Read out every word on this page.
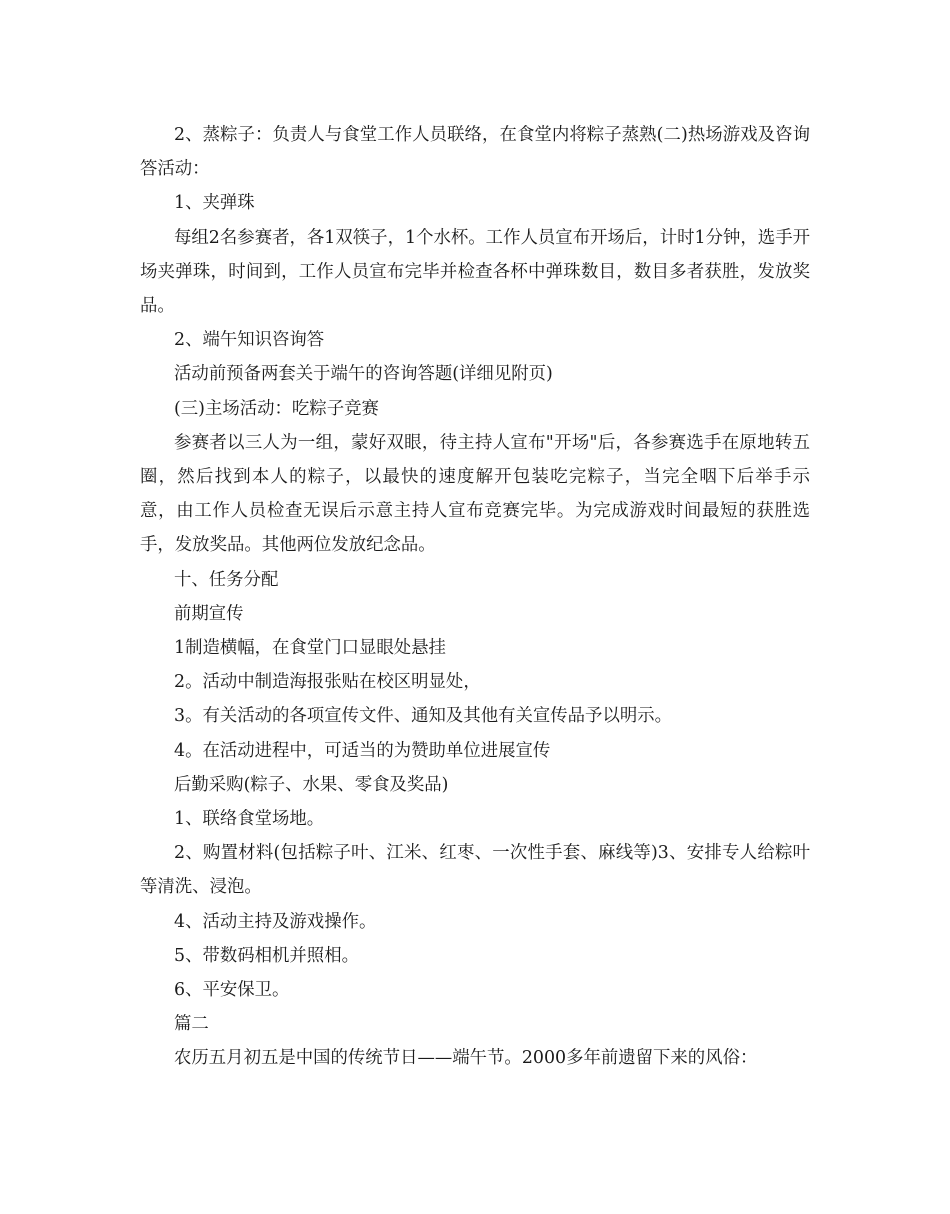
2、蒸粽子：负责人与食堂工作人员联络，在食堂内将粽子蒸熟(二)热场游戏及咨询答活动：

1、夹弹珠

每组2名参赛者，各1双筷子，1个水杯。工作人员宣布开场后，计时1分钟，选手开场夹弹珠，时间到，工作人员宣布完毕并检查各杯中弹珠数目，数目多者获胜，发放奖品。

2、端午知识咨询答

活动前预备两套关于端午的咨询答题(详细见附页)

(三)主场活动：吃粽子竞赛

参赛者以三人为一组，蒙好双眼，待主持人宣布"开场"后，各参赛选手在原地转五圈，然后找到本人的粽子，以最快的速度解开包装吃完粽子，当完全咽下后举手示  意，由工作人员检查无误后示意主持人宣布竞赛完毕。为完成游戏时间最短的获胜选手，发放奖品。其他两位发放纪念品。

十、任务分配

前期宣传

1制造横幅，在食堂门口显眼处悬挂

2。活动中制造海报张贴在校区明显处，

3。有关活动的各项宣传文件、通知及其他有关宣传品予以明示。

4。在活动进程中，可适当的为赞助单位进展宣传

后勤采购(粽子、水果、零食及奖品)

1、联络食堂场地。

2、购置材料(包括粽子叶、江米、红枣、一次性手套、麻线等)3、安排专人给粽叶等清洗、浸泡。

4、活动主持及游戏操作。

5、带数码相机并照相。

6、平安保卫。

篇二

农历五月初五是中国的传统节日——端午节。2000多年前遗留下来的风俗：
